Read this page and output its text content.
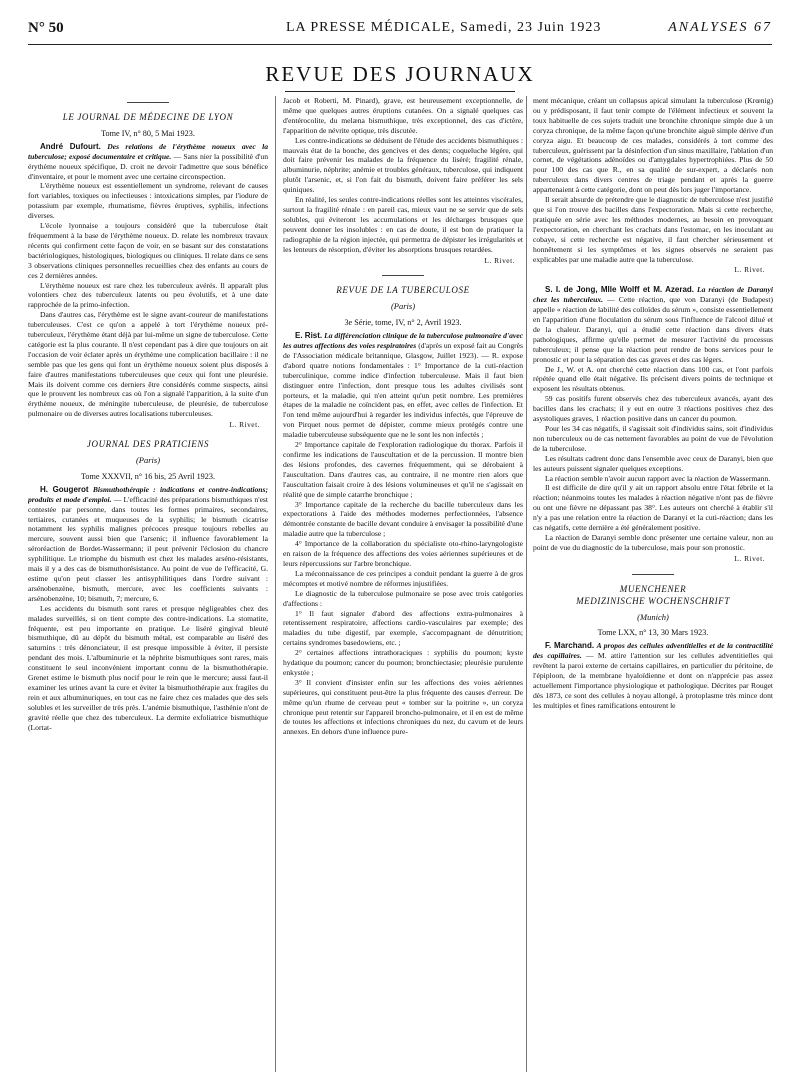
N° 50	LA PRESSE MÉDICALE, Samedi, 23 Juin 1923	ANALYSES 67
REVUE DES JOURNAUX

LE JOURNAL DE MÉDECINE DE LYON

Tome IV, n° 80, 5 Mai 1923.

André Dufourt. Des relations de l'érythème noueux avec la tuberculose; exposé documentaire et critique. — Sans nier la possibilité d'un érythème noueux spécifique, D. croit ne devoir l'admettre que sous bénéfice d'inventaire, et pour le moment avec une certaine circonspection.

L'érythème noueux est essentiellement un syndrome, relevant de causes fort variables, toxiques ou infectieuses : intoxications simples, par l'iodure de potassium par exemple, rhumatisme, fièvres éruptives, syphilis, infections diverses.

L'école lyonnaise a toujours considéré que la tuberculose était fréquemment à la base de l'érythème noueux. D. relate les nombreux travaux récents qui confirment cette façon de voir, en se basant sur des constatations bactériologiques, histologiques, biologiques ou cliniques. Il relate dans ce sens 3 observations cliniques personnelles recueillies chez des enfants au cours de ces 2 dernières années.

L'érythème noueux est rare chez les tuberculeux avérés. Il apparaît plus volontiers chez des tuberculeux latents ou peu évolutifs, et à une date rapprochée de la primo-infection.

Dans d'autres cas, l'érythème est le signe avant-coureur de manifestations tuberculeuses. C'est ce qu'on a appelé à tort l'érythème noueux pré-tuberculeux, l'érythème étant déjà par lui-même un signe de tuberculose. Cette catégorie est la plus courante. Il n'est cependant pas à dire que toujours on ait l'occasion de voir éclater après un érythème une complication bacillaire : il ne semble pas que les gens qui font un érythème noueux soient plus disposés à faire d'autres manifestations tuberculeuses que ceux qui font une pleurésie. Mais ils doivent comme ces derniers être considérés comme suspects, ainsi que le prouvent les nombreux cas où l'on a signalé l'apparition, à la suite d'un érythème noueux, de méningite tuberculeuse, de pleurésie, de tuberculose pulmonaire ou de diverses autres localisations tuberculeuses.

L. Rivet.

JOURNAL DES PRATICIENS

(Paris)

Tome XXXVII, n° 16 bis, 25 Avril 1923.

H. Gougerot Bismuthothérapie : indications et contre-indications; produits et mode d'emploi. — L'efficacité des préparations bismuthiques n'est contestée par personne, dans toutes les formes primaires, secondaires, tertiaires, cutanées et muqueuses de la syphilis; le bismuth cicatrise notamment les syphilis malignes précoces presque toujours rebelles au mercure, souvent aussi bien que l'arsenic; il influence favorablement la séroréaction de Bordet-Wassermann; il peut prévenir l'éclosion du chancre syphilitique. Le triomphe du bismuth est chez les malades arséno-résistants, mais il y a des cas de bismuthorésistance. Au point de vue de l'efficacité, G. estime qu'on peut classer les antisyphilitiques dans l'ordre suivant : arsénobenzène, bismuth, mercure, avec les coefficients suivants : arsénobenzène, 10; bismuth, 7; mercure, 6.

Les accidents du bismuth sont rares et presque négligeables chez des malades surveillés, si on tient compte des contre-indications. La stomatite, fréquente, est peu importante en pratique. Le liséré gingival bleuté bismuthique, dû au dépôt du bismuth métal, est comparable au liséré des saturnins : très dénonciateur, il est presque impossible à éviter, il persiste pendant des mois. L'albuminurie et la néphrite bismuthiques sont rares, mais constituent le seul inconvénient important connu de la bismuthothérapie. Grenet estime le bismuth plus nocif pour le rein que le mercure; aussi faut-il examiner les urines avant la cure et éviter la bismuthothérapie aux fragiles du rein et aux albuminuriques, en tout cas ne faire chez ces malades que des sels solubles et les surveiller de très près. L'anémie bismuthique, l'asthénie n'ont de gravité réelle que chez des tuberculeux. La dermite exfoliatrice bismuthique (Lortat-

Jacob et Roberti, M. Pinard), grave, est heureusement exceptionnelle, de même que quelques autres éruptions cutanées. On a signalé quelques cas d'entérocolite, du melæna bismuthique, très exceptionnel, des cas d'ictère, l'apparition de névrite optique, très discutée.

Les contre-indications se déduisent de l'étude des accidents bismuthiques : mauvais état de la bouche, des gencives et des dents; coqueluche légère, qui doit faire prévenir les malades de la fréquence du liséré; fragilité rénale, albuminurie, néphrite; anémie et troubles généraux, tuberculose, qui indiquent plutôt l'arsenic, et, si l'on fait du bismuth, doivent faire préférer les sels quiniques.

En réalité, les seules contre-indications réelles sont les atteintes viscérales, surtout la fragilité rénale : en pareil cas, mieux vaut ne se servir que de sels solubles, qui éviteront les accumulations et les décharges brusques que peuvent donner les insolubles : en cas de doute, il est bon de pratiquer la radiographie de la région injectée, qui permettra de dépister les irrégularités et les lenteurs de résorption, d'éviter les absorptions brusques retardées.

L. Rivet.

REVUE DE LA TUBERCULOSE

(Paris)

3e Série, tome, IV, n° 2, Avril 1923.

E. Rist. La différenciation clinique de la tuberculose pulmonaire d'avec les autres affections des voies respiratoires (d'après un exposé fait au Congrès de l'Association médicale britannique, Glasgow, Juillet 1923). — R. expose d'abord quatre notions fondamentales : 1° Importance de la cuti-réaction tuberculinique, comme indice d'infection tuberculeuse. Mais il faut bien distinguer entre l'infection, dont presque tous les adultes civilisés sont porteurs, et la maladie, qui n'en atteint qu'un petit nombre. Les premières étapes de la maladie ne coïncident pas, en effet, avec celles de l'infection. Et l'on tend même aujourd'hui à regarder les individus infectés, que l'épreuve de von Pirquet nous permet de dépister, comme mieux protégés contre une maladie tuberculeuse subséquente que ne le sont les non infectés ;

2° Importance capitale de l'exploration radiologique du thorax. Parfois il confirme les indications de l'auscultation et de la percussion. Il montre bien des lésions profondes, des cavernes fréquemment, qui se dérobaient à l'auscultation. Dans d'autres cas, au contraire, il ne montre rien alors que l'auscultation faisait croire à des lésions volumineuses et qu'il ne s'agissait en réalité que de simple catarrhe bronchique ;

3° Importance capitale de la recherche du bacille tuberculeux dans les expectorations à l'aide des méthodes modernes perfectionnées, l'absence démontrée constante de bacille devant conduire à envisager la possibilité d'une maladie autre que la tuberculose ;

4° Importance de la collaboration du spécialiste oto-rhino-laryngologiste en raison de la fréquence des affections des voies aériennes supérieures et de leurs répercussions sur l'arbre bronchique.

La méconnaissance de ces principes a conduit pendant la guerre à de gros mécomptes et motivé nombre de réformes injustifiées.

Le diagnostic de la tuberculose pulmonaire se pose avec trois catégories d'affections :

1° Il faut signaler d'abord des affections extra-pulmonaires à retentissement respiratoire, affections cardio-vasculaires par exemple; des maladies du tube digestif, par exemple, s'accompagnant de dénutrition; certains syndromes basedowiens, etc. ;

2° certaines affections intrathoraciques : syphilis du poumon; kyste hydatique du poumon; cancer du poumon; bronchiectasie; pleurésie purulente enkystée ;

3° Il convient d'insister enfin sur les affections des voies aériennes supérieures, qui constituent peut-être la plus fréquente des causes d'erreur. De même qu'un rhume de cerveau peut « tomber sur la poitrine », un coryza chronique peut retentir sur l'appareil broncho-pulmonaire, et il en est de même de toutes les affections et infections chroniques du nez, du cavum et de leurs annexes. En dehors d'une influence pure-

ment mécanique, créant un collapsus apical simulant la tuberculose (Krœnig) ou y prédisposant, il faut tenir compte de l'élément infectieux et souvent la toux habituelle de ces sujets traduit une bronchite chronique simple due à un coryza chronique, de la même façon qu'une bronchite aiguë simple dérive d'un coryza aigu. Et beaucoup de ces malades, considérés à tort comme des tuberculeux, guérissent par la désinfection d'un sinus maxillaire, l'ablation d'un cornet, de végétations adénoïdes ou d'amygdales hypertrophiées. Plus de 50 pour 100 des cas que R., en sa qualité de sur-expert, a déclarés non tuberculeux dans divers centres de triage pendant et après la guerre appartenaient à cette catégorie, dont on peut dès lors juger l'importance.

Il serait absurde de prétendre que le diagnostic de tuberculose n'est justifié que si l'on trouve des bacilles dans l'expectoration. Mais si cette recherche, pratiquée en série avec les méthodes modernes, au besoin en provoquant l'expectoration, en cherchant les crachats dans l'estomac, en les inoculant au cobaye, si cette recherche est négative, il faut chercher sérieusement et honnêtement si les symptômes et les signes observés ne seraient pas explicables par une maladie autre que la tuberculose.

L. Rivet.

S. I. de Jong, Mlle Wolff et M. Azerad. La réaction de Daranyi chez les tuberculeux. — Cette réaction, que von Daranyi (de Budapest) appelle « réaction de labilité des colloïdes du sérum », consiste essentiellement en l'apparition d'une floculation du sérum sous l'influence de l'alcool dilué et de la chaleur. Daranyi, qui a étudié cette réaction dans divers états pathologiques, affirme qu'elle permet de mesurer l'activité du processus tuberculeux; il pense que la réaction peut rendre de bons services pour le pronostic et pour la séparation des cas graves et des cas légers.

De J., W. et A. ont cherché cette réaction dans 100 cas, et l'ont parfois répétée quand elle était négative. Ils précisent divers points de technique et exposent les résultats obtenus.

59 cas positifs furent observés chez des tuberculeux avancés, ayant des bacilles dans les crachats; il y eut en outre 3 réactions positives chez des asystoliques graves, 1 réaction positive dans un cancer du poumon.

Pour les 34 cas négatifs, il s'agissait soit d'individus sains, soit d'individus non tuberculeux ou de cas nettement favorables au point de vue de l'évolution de la tuberculose.

Les résultats cadrent donc dans l'ensemble avec ceux de Daranyi, bien que les auteurs puissent signaler quelques exceptions.

La réaction semble n'avoir aucun rapport avec la réaction de Wassermann.

Il est difficile de dire qu'il y ait un rapport absolu entre l'état fébrile et la réaction; néanmoins toutes les malades à réaction négative n'ont pas de fièvre ou ont une fièvre ne dépassant pas 38°. Les auteurs ont cherché à établir s'il n'y a pas une relation entre la réaction de Daranyi et la cuti-réaction; dans les cas négatifs, cette dernière a été généralement positive.

La réaction de Daranyi semble donc présenter une certaine valeur, non au point de vue du diagnostic de la tuberculose, mais pour son pronostic.

L. Rivet.

MUENCHENER

MEDIZINISCHE WOCHENSCHRIFT

(Munich)

Tome LXX, n° 13, 30 Mars 1923.

F. Marchand. A propos des cellules adventitielles et de la contractilité des capillaires. — M. attire l'attention sur les cellules adventitielles qui revêtent la paroi externe de certains capillaires, en particulier du péritoine, de l'épiploon, de la membrane hyaloïdienne et dont on n'apprécie pas assez actuellement l'importance physiologique et pathologique. Décrites par Rouget dès 1873, ce sont des cellules à noyau allongé, à protoplasme très mince dont les multiples et fines ramifications entourent le
